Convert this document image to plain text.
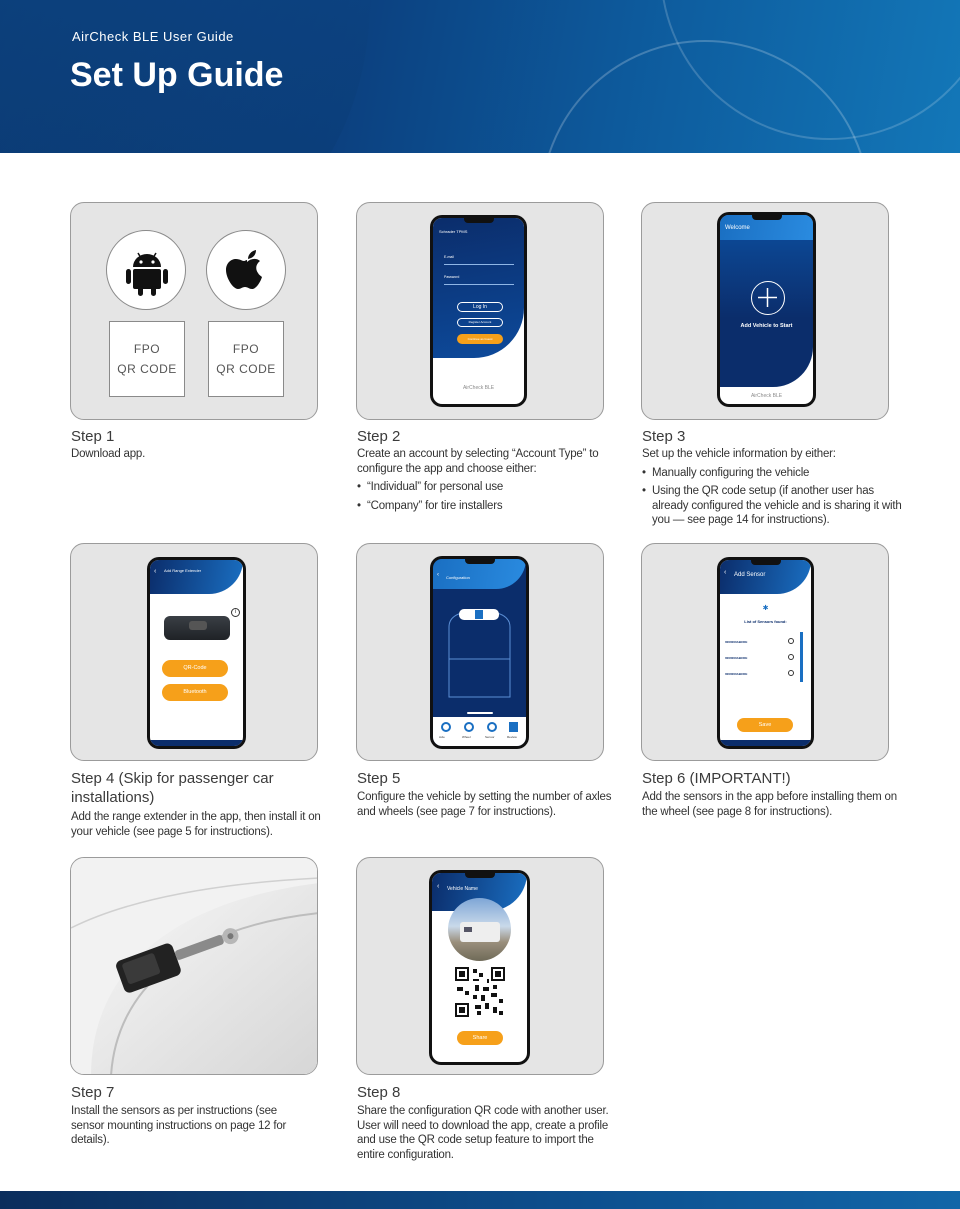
AirCheck BLE User Guide
Set Up Guide
FPO
QR CODE
FPO
QR CODE
Step 1
Download app.
Schrader TPMS
E-mail
Password
Log In
Register Account
Continue as Guest
AirCheck BLE
Step 2
Create an account by selecting “Account Type” to configure the app and choose either:
• “Individual” for personal use
• “Company” for tire installers
Welcome
Add Vehicle to Start
AirCheck BLE
Step 3
Set up the vehicle information by either:
• Manually configuring the vehicle
• Using the QR code setup (if another user has already configured the vehicle and is sharing it with you — see page 14 for instructions).
‹ Add Range Extender
i
QR-Code
Bluetooth
Step 4 (Skip for passenger car installations)
Add the range extender in the app, then install it on your vehicle (see page 5 for instructions).
‹ Configuration
Axle	Wheel	Sensor	Review
Step 5
Configure the vehicle by setting the number of axles and wheels (see page 7 for instructions).
‹ Add Sensor
✱
List of Sensors found:
0000000ABCDE
0000000ABCDE
0000000ABCDE
Save
Step 6 (IMPORTANT!)
Add the sensors in the app before installing them on the wheel (see page 8 for instructions).
Step 7
Install the sensors as per instructions (see sensor mounting instructions on page 12 for details).
‹ Vehicle Name
Share
Step 8
Share the configuration QR code with another user. User will need to download the app, create a profile and use the QR code setup feature to import the entire configuration.
